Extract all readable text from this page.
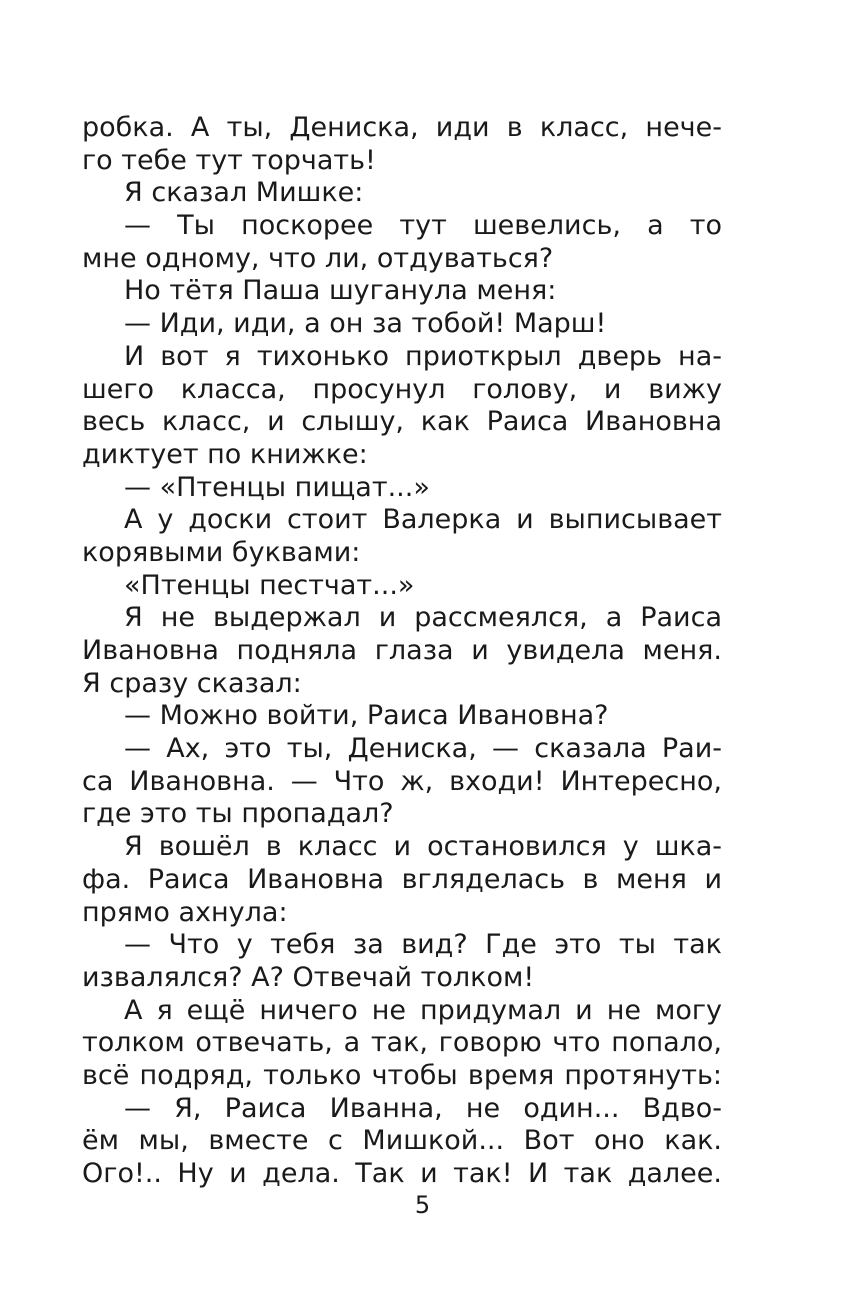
робка. А ты, Дениска, иди в класс, нече-
го тебе тут торчать!
Я сказал Мишке:
— Ты поскорее тут шевелись, а то
мне одному, что ли, отдуваться?
Но тётя Паша шуганула меня:
— Иди, иди, а он за тобой! Марш!
И вот я тихонько приоткрыл дверь на-
шего класса, просунул голову, и вижу
весь класс, и слышу, как Раиса Ивановна
диктует по книжке:
— «Птенцы пищат...»
А у доски стоит Валерка и выписывает
корявыми буквами:
«Птенцы пестчат...»
Я не выдержал и рассмеялся, а Раиса
Ивановна подняла глаза и увидела меня.
Я сразу сказал:
— Можно войти, Раиса Ивановна?
— Ах, это ты, Дениска, — сказала Раи-
са Ивановна. — Что ж, входи! Интересно,
где это ты пропадал?
Я вошёл в класс и остановился у шка-
фа. Раиса Ивановна вгляделась в меня и
прямо ахнула:
— Что у тебя за вид? Где это ты так
извалялся? А? Отвечай толком!
А я ещё ничего не придумал и не могу
толком отвечать, а так, говорю что попало,
всё подряд, только чтобы время протянуть:
— Я, Раиса Иванна, не один... Вдво-
ём мы, вместе с Мишкой... Вот оно как.
Ого!.. Ну и дела. Так и так! И так далее.
5
